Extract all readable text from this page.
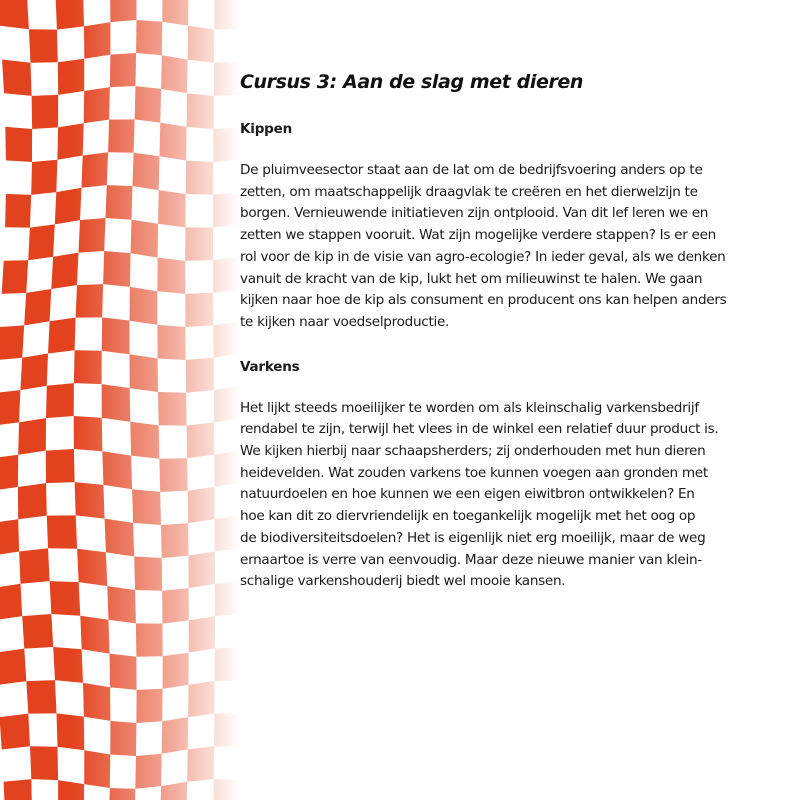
Cursus 3: Aan de slag met dieren
Kippen

De pluimveesector staat aan de lat om de bedrijfsvoering anders op te
zetten, om maatschappelijk draagvlak te creëren en het dierwelzijn te
borgen. Vernieuwende initiatieven zijn ontplooid. Van dit lef leren we en
zetten we stappen vooruit. Wat zijn mogelijke verdere stappen? Is er een
rol voor de kip in de visie van agro-ecologie? In ieder geval, als we denken
vanuit de kracht van de kip, lukt het om milieuwinst te halen. We gaan
kijken naar hoe de kip als consument en producent ons kan helpen anders
te kijken naar voedselproductie.

Varkens

Het lijkt steeds moeilijker te worden om als kleinschalig varkensbedrijf
rendabel te zijn, terwijl het vlees in de winkel een relatief duur product is.
We kijken hierbij naar schaapsherders; zij onderhouden met hun dieren
heidevelden. Wat zouden varkens toe kunnen voegen aan gronden met
natuurdoelen en hoe kunnen we een eigen eiwitbron ontwikkelen? En
hoe kan dit zo diervriendelijk en toegankelijk mogelijk met het oog op
de biodiversiteitsdoelen? Het is eigenlijk niet erg moeilijk, maar de weg
ernaartoe is verre van eenvoudig. Maar deze nieuwe manier van klein-
schalige varkenshouderij biedt wel mooie kansen.
